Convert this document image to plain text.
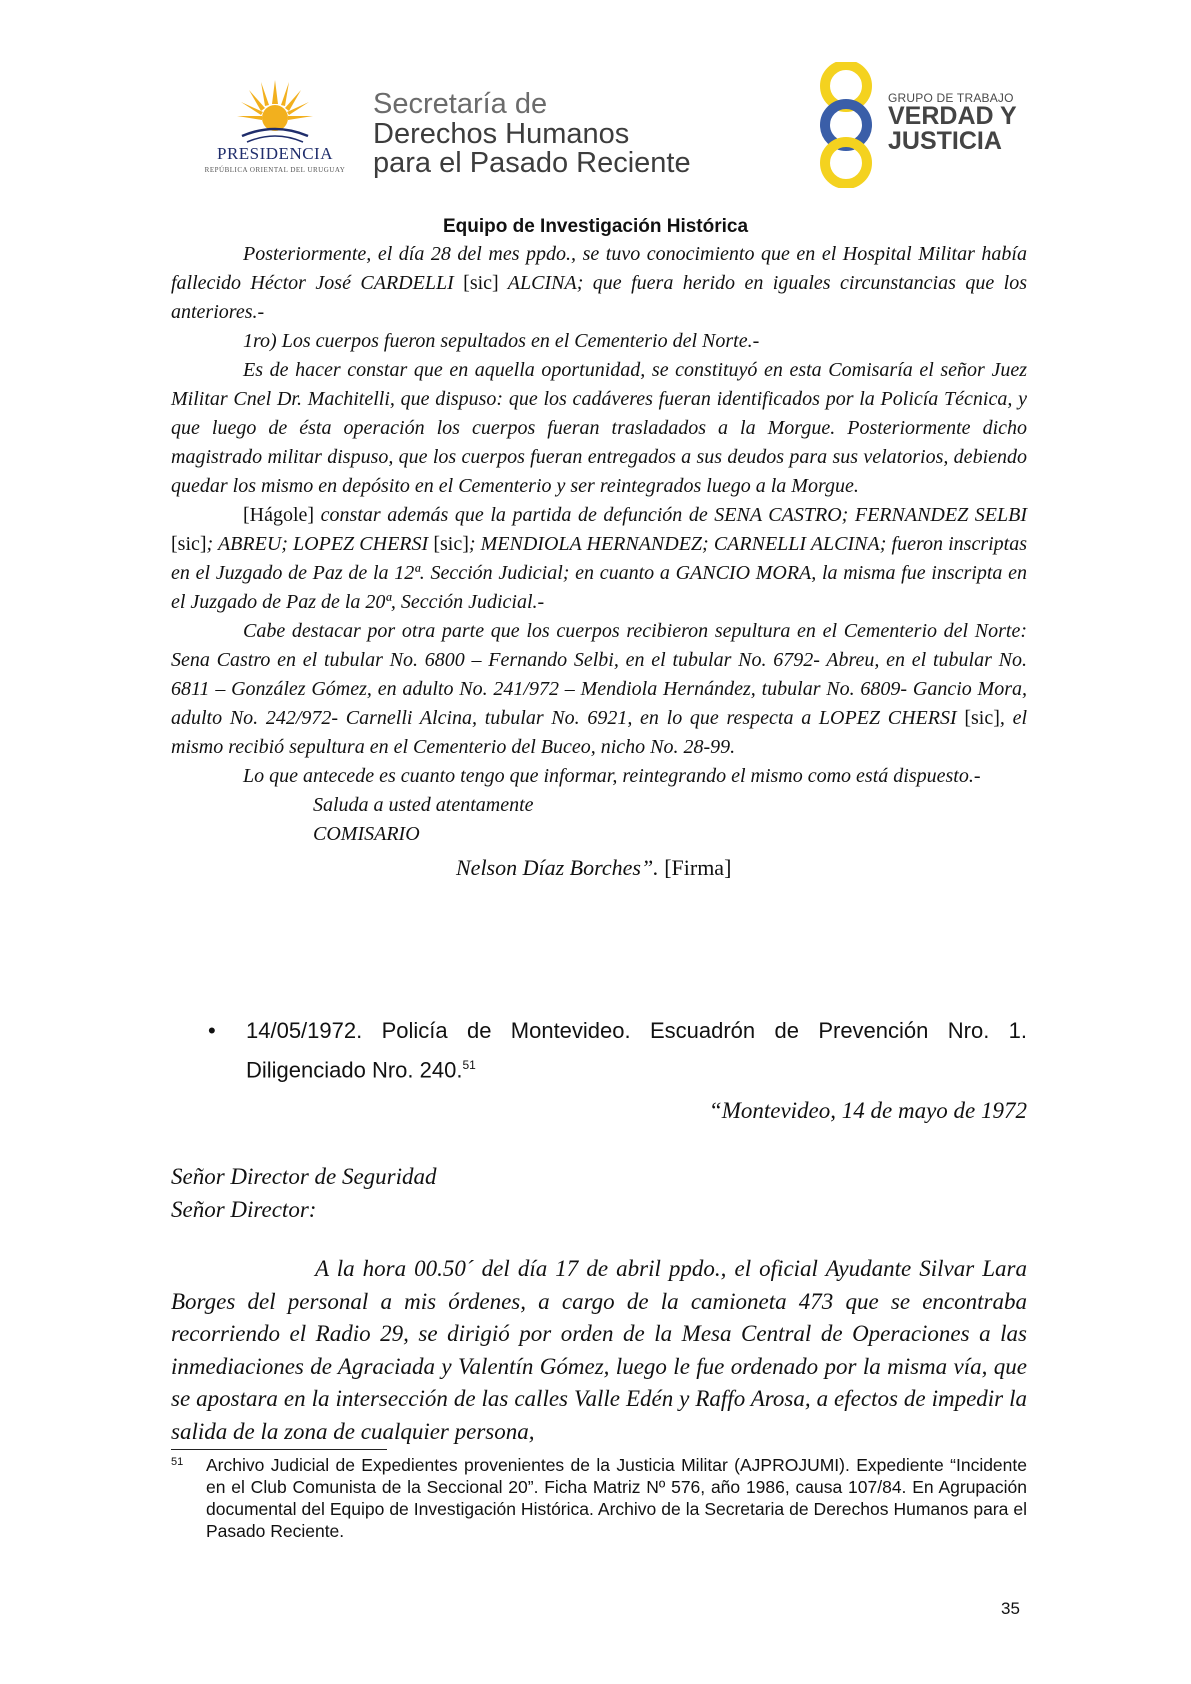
PRESIDENCIA
REPÚBLICA ORIENTAL DEL URUGUAY
Secretaría de
Derechos Humanos
para el Pasado Reciente
GRUPO DE TRABAJO
VERDAD Y
JUSTICIA
Equipo de Investigación Histórica

Posteriormente, el día 28 del mes ppdo., se tuvo conocimiento que en el Hospital Militar había fallecido Héctor José CARDELLI [sic] ALCINA; que fuera herido en iguales circunstancias que los anteriores.-

1ro) Los cuerpos fueron sepultados en el Cementerio del Norte.-

Es de hacer constar que en aquella oportunidad, se constituyó en esta Comisaría el señor Juez Militar Cnel Dr. Machitelli, que dispuso: que los cadáveres fueran identificados por la Policía Técnica, y que luego de ésta operación los cuerpos fueran trasladados a la Morgue. Posteriormente dicho magistrado militar dispuso, que los cuerpos fueran entregados a sus deudos para sus velatorios, debiendo quedar los mismo en depósito en el Cementerio y ser reintegrados luego a la Morgue.

[Hágole] constar además que la partida de defunción de SENA CASTRO; FERNANDEZ SELBI [sic]; ABREU; LOPEZ CHERSI [sic]; MENDIOLA HERNANDEZ; CARNELLI ALCINA; fueron inscriptas en el Juzgado de Paz de la 12ª. Sección Judicial; en cuanto a GANCIO MORA, la misma fue inscripta en el Juzgado de Paz de la 20ª, Sección Judicial.-

Cabe destacar por otra parte que los cuerpos recibieron sepultura en el Cementerio del Norte: Sena Castro en el tubular No. 6800 – Fernando Selbi, en el tubular No. 6792- Abreu, en el tubular No. 6811 – González Gómez, en adulto No. 241/972 – Mendiola Hernández, tubular No. 6809- Gancio Mora, adulto No. 242/972- Carnelli Alcina, tubular No. 6921, en lo que respecta a LOPEZ CHERSI [sic], el mismo recibió sepultura en el Cementerio del Buceo, nicho No. 28-99.

Lo que antecede es cuanto tengo que informar, reintegrando el mismo como está dispuesto.-

Saluda a usted atentamente
COMISARIO
Nelson Díaz Borches”. [Firma]
• 14/05/1972. Policía de Montevideo. Escuadrón de Prevención Nro. 1. Diligenciado Nro. 240.51
“Montevideo, 14 de mayo de 1972
Señor Director de Seguridad
Señor Director:

A la hora 00.50´ del día 17 de abril ppdo., el oficial Ayudante Silvar Lara Borges del personal a mis órdenes, a cargo de la camioneta 473 que se encontraba recorriendo el Radio 29, se dirigió por orden de la Mesa Central de Operaciones a las inmediaciones de Agraciada y Valentín Gómez, luego le fue ordenado por la misma vía, que se apostara en la intersección de las calles Valle Edén y Raffo Arosa, a efectos de impedir la salida de la zona de cualquier persona,

51 Archivo Judicial de Expedientes provenientes de la Justicia Militar (AJPROJUMI). Expediente “Incidente en el Club Comunista de la Seccional 20”. Ficha Matriz Nº 576, año 1986, causa 107/84. En Agrupación documental del Equipo de Investigación Histórica. Archivo de la Secretaria de Derechos Humanos para el Pasado Reciente.
35
